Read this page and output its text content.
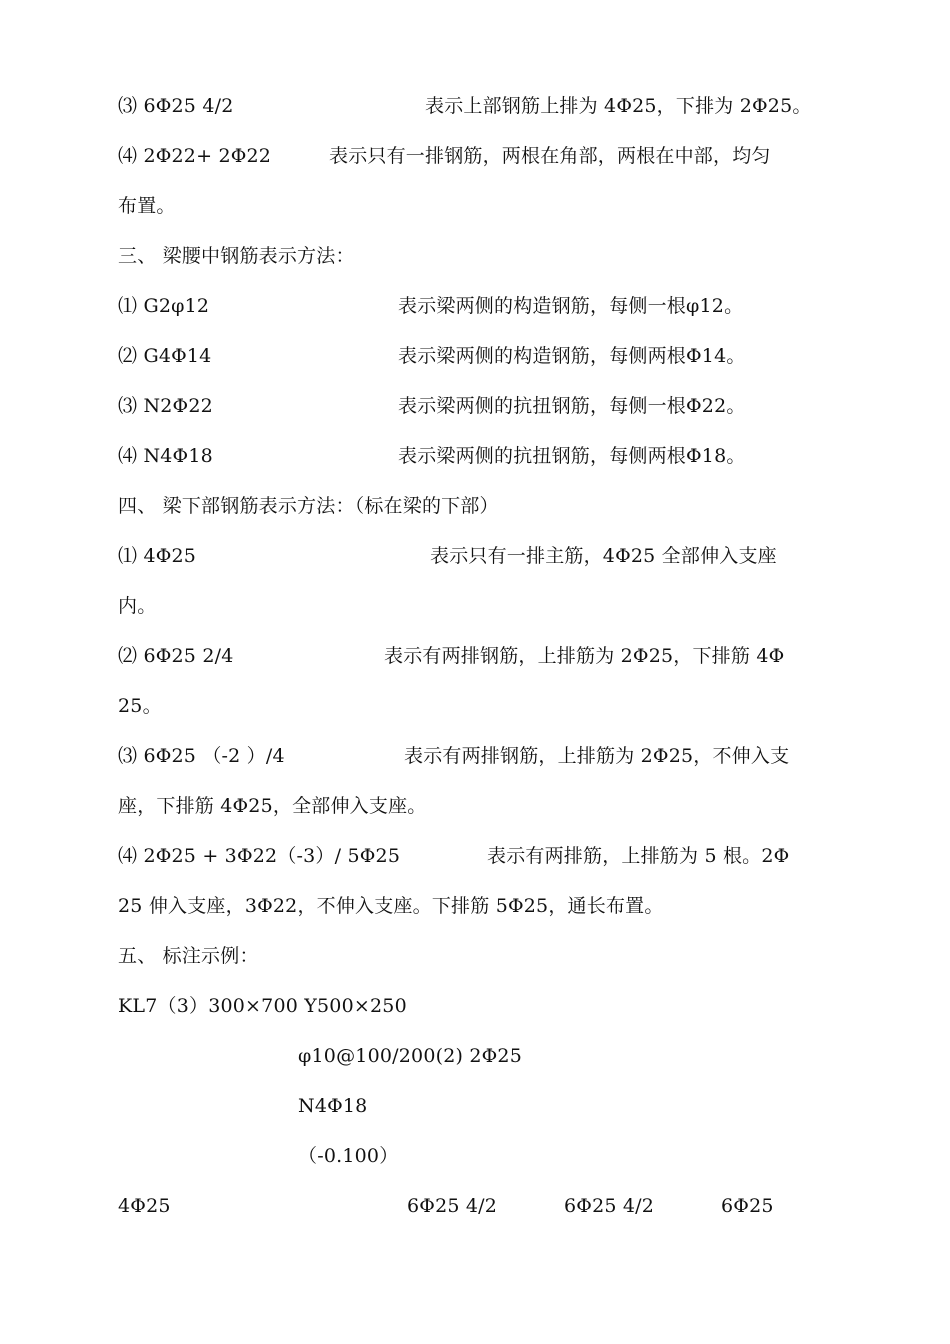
⑶ 6Φ25 4/2	表示上部钢筋上排为 4Φ25，下排为 2Φ25。
⑷ 2Φ22+ 2Φ22	表示只有一排钢筋，两根在角部，两根在中部，均匀
布置。
三、 梁腰中钢筋表示方法：
⑴ G2φ12	表示梁两侧的构造钢筋，每侧一根φ12。
⑵ G4Φ14	表示梁两侧的构造钢筋，每侧两根Φ14。
⑶ N2Φ22	表示梁两侧的抗扭钢筋，每侧一根Φ22。
⑷ N4Φ18	表示梁两侧的抗扭钢筋，每侧两根Φ18。
四、 梁下部钢筋表示方法：（标在梁的下部）
⑴ 4Φ25	表示只有一排主筋，4Φ25 全部伸入支座
内。
⑵ 6Φ25 2/4	表示有两排钢筋，上排筋为 2Φ25，下排筋 4Φ
25。
⑶ 6Φ25 （-2 ）/4	表示有两排钢筋，上排筋为 2Φ25，不伸入支
座，下排筋 4Φ25，全部伸入支座。
⑷ 2Φ25 + 3Φ22（-3）/ 5Φ25	表示有两排筋，上排筋为 5 根。2Φ
25 伸入支座，3Φ22，不伸入支座。下排筋 5Φ25，通长布置。
五、 标注示例：
KL7（3）300×700 Y500×250
φ10@100/200(2) 2Φ25
N4Φ18
（-0.100）
4Φ25	6Φ25 4/2	6Φ25 4/2	6Φ25
